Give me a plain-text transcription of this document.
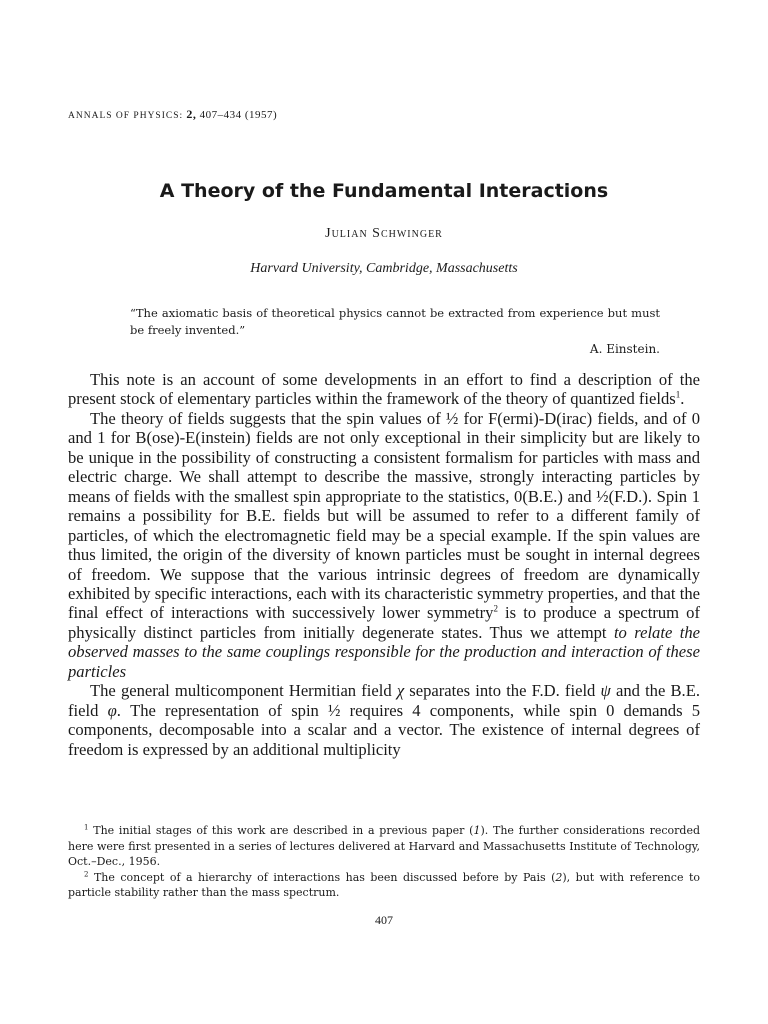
ANNALS OF PHYSICS: 2, 407–434 (1957)
A Theory of the Fundamental Interactions
Julian Schwinger
Harvard University, Cambridge, Massachusetts
“The axiomatic basis of theoretical physics cannot be extracted from experience but must be freely invented.”
A. Einstein.

This note is an account of some developments in an effort to find a description of the present stock of elementary particles within the framework of the theory of quantized fields$^1$.

The theory of fields suggests that the spin values of ½ for F(ermi)-D(irac) fields, and of 0 and 1 for B(ose)-E(instein) fields are not only exceptional in their simplicity but are likely to be unique in the possibility of constructing a consistent formalism for particles with mass and electric charge. We shall attempt to describe the massive, strongly interacting particles by means of fields with the smallest spin appropriate to the statistics, 0(B.E.) and ½(F.D.). Spin 1 remains a possibility for B.E. fields but will be assumed to refer to a different family of particles, of which the electromagnetic field may be a special example. If the spin values are thus limited, the origin of the diversity of known particles must be sought in internal degrees of freedom. We suppose that the various intrinsic degrees of freedom are dynamically exhibited by specific interactions, each with its characteristic symmetry properties, and that the final effect of interactions with successively lower symmetry$^2$ is to produce a spectrum of physically distinct particles from initially degenerate states. Thus we attempt to relate the observed masses to the same couplings responsible for the production and interaction of these particles

The general multicomponent Hermitian field χ separates into the F.D. field ψ and the B.E. field φ. The representation of spin ½ requires 4 components, while spin 0 demands 5 components, decomposable into a scalar and a vector. The existence of internal degrees of freedom is expressed by an additional multiplicity

$^1$ The initial stages of this work are described in a previous paper (1). The further considerations recorded here were first presented in a series of lectures delivered at Harvard and Massachusetts Institute of Technology, Oct.–Dec., 1956.

$^2$ The concept of a hierarchy of interactions has been discussed before by Pais (2), but with reference to particle stability rather than the mass spectrum.

407
